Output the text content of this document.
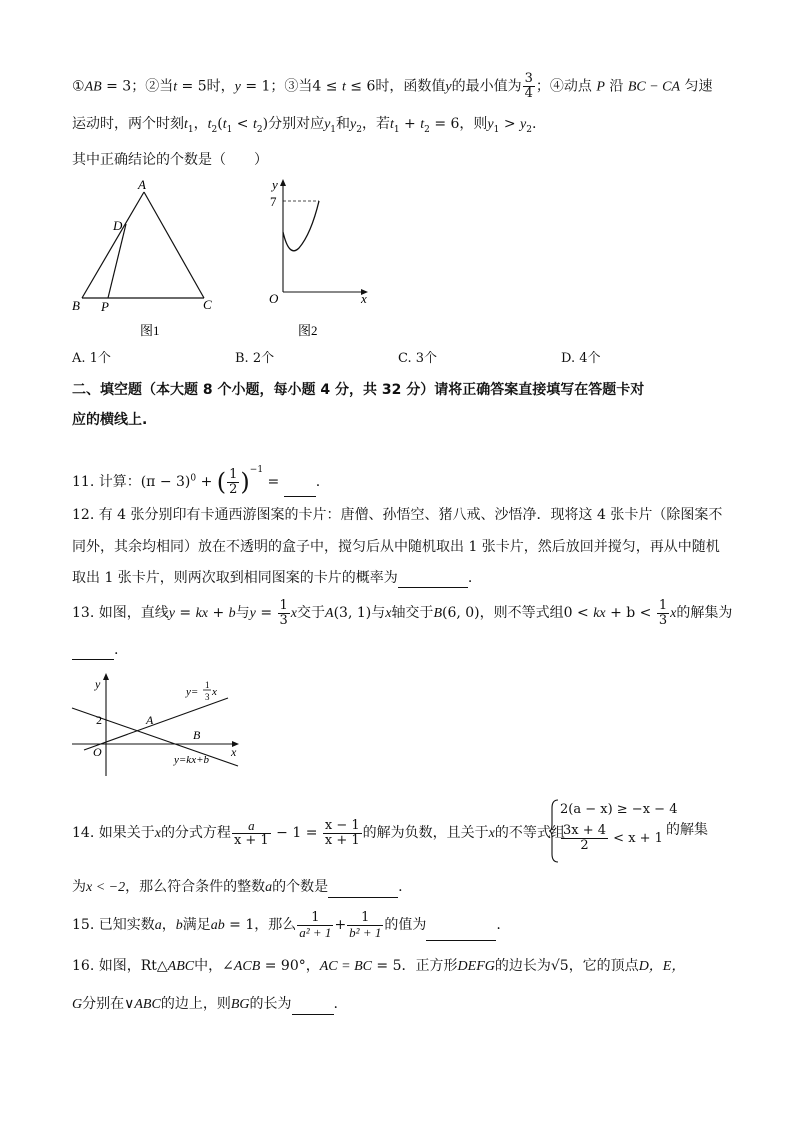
①AB = 3；②当t = 5时，y = 1；③当4 ≤ t ≤ 6时，函数值y的最小值为 $\frac{3}{4}$ ；④动点 P 沿 BC − CA 匀速
运动时，两个时刻$t_1$，$t_2(t_1 < t_2)$分别对应$y_1$和$y_2$，若$t_1 + t_2 = 6$，则$y_1 > y_2$.
其中正确结论的个数是（　　）
A
D
B P	C
图1
y
x
O
7
图2
A. 1个	B. 2个	C. 3个	D. 4个
二、填空题（本大题 8 个小题，每小题 4 分，共 32 分）请将正确答案直接填写在答题卡对
应的横线上.
11. 计算：$(\pi - 3)^0$ + ( $\frac{1}{2} )^{-1}$ = .
12. 有 4 张分别印有卡通西游图案的卡片：唐僧、孙悟空、猪八戒、沙悟净．现将这 4 张卡片（除图案不
同外，其余均相同）放在不透明的盒子中，搅匀后从中随机取出 1 张卡片，然后放回并搅匀，再从中随机
取出 1 张卡片，则两次取到相同图案的卡片的概率为	.
13. 如图，直线y = kx + b与$y = \frac{1}{3}$ x交于A(3, 1)与x轴交于B(6, 0)，则不等式组0 < kx + $b < \frac{1}{3}$ x的解集为
.
y
x
O
2	A
B
y=
1
3 x
y=kx+b
14. 如果关于x的分式方程 $\frac{a}{x + 1} - 1 = \frac{x - 1}{x + 1}$ 的解为负数，且关于x的不等式组
2(a − x) ≥ −x − 4
$\frac{3x + 4}{2} < x + 1$
的解集
为x < −2，那么符合条件的整数a的个数是	.
15. 已知实数a，b满足ab = 1，那么 $\frac{1}{\text{a² + 1}} + \frac{1}{\text{b² + 1}}$ 的值为	.
16. 如图，Rt△ABC中，∠ACB = 90°，AC = BC = 5．正方形DEFG的边长为√5，它的顶点D，E，
G分别在∨ABC的边上，则BG的长为	.
